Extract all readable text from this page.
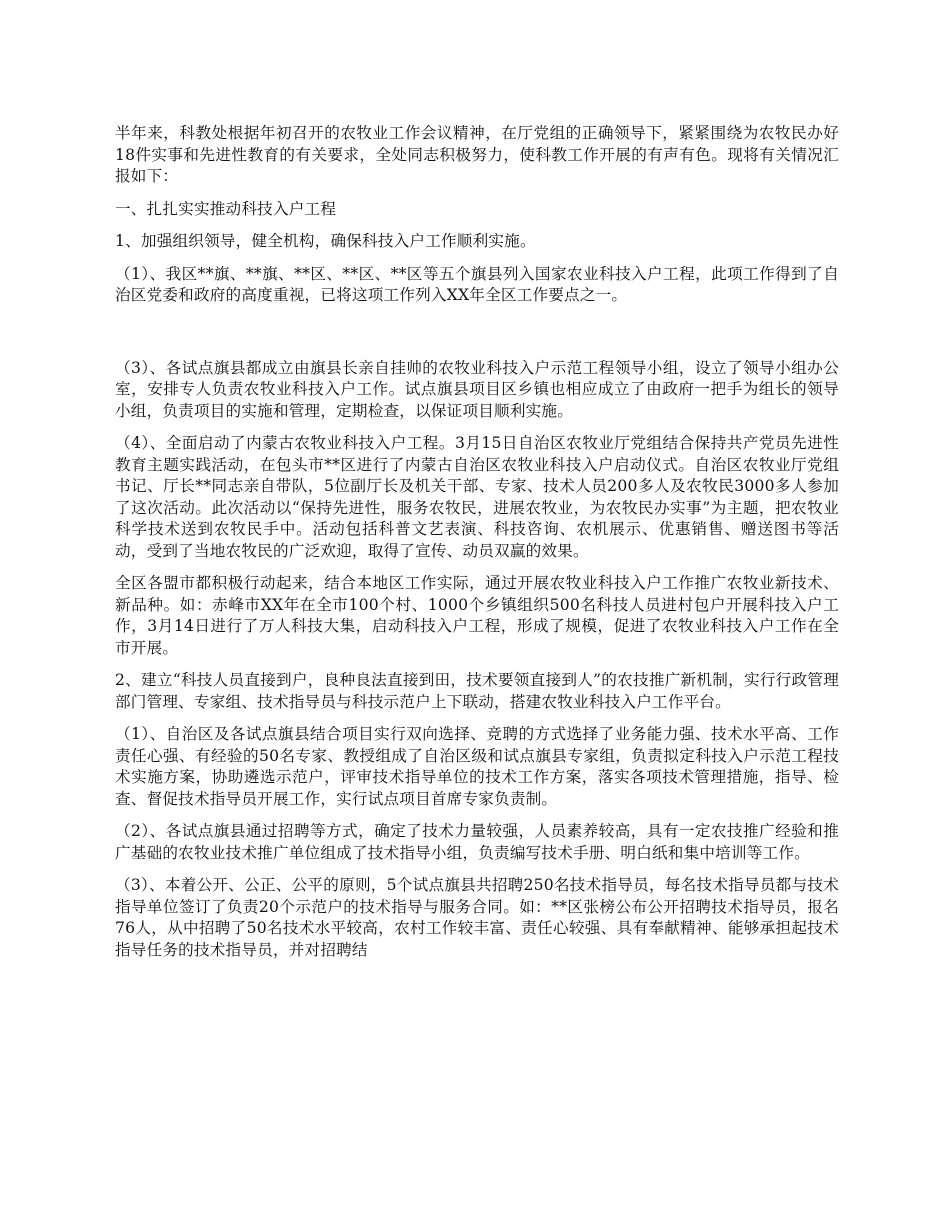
半年来，科教处根据年初召开的农牧业工作会议精神，在厅党组的正确领导下，紧紧围绕为农牧民办好18件实事和先进性教育的有关要求，全处同志积极努力，使科教工作开展的有声有色。现将有关情况汇报如下：

一、扎扎实实推动科技入户工程

1、加强组织领导，健全机构，确保科技入户工作顺利实施。

（1）、我区**旗、**旗、**区、**区、**区等五个旗县列入国家农业科技入户工程，此项工作得到了自治区党委和政府的高度重视，已将这项工作列入XX年全区工作要点之一。

（3）、各试点旗县都成立由旗县长亲自挂帅的农牧业科技入户示范工程领导小组，设立了领导小组办公室，安排专人负责农牧业科技入户工作。试点旗县项目区乡镇也相应成立了由政府一把手为组长的领导小组，负责项目的实施和管理，定期检查，以保证项目顺利实施。

（4）、全面启动了内蒙古农牧业科技入户工程。3月15日自治区农牧业厅党组结合保持共产党员先进性教育主题实践活动，在包头市**区进行了内蒙古自治区农牧业科技入户启动仪式。自治区农牧业厅党组书记、厅长**同志亲自带队，5位副厅长及机关干部、专家、技术人员200多人及农牧民3000多人参加了这次活动。此次活动以“保持先进性，服务农牧民，进展农牧业，为农牧民办实事”为主题，把农牧业科学技术送到农牧民手中。活动包括科普文艺表演、科技咨询、农机展示、优惠销售、赠送图书等活动，受到了当地农牧民的广泛欢迎，取得了宣传、动员双赢的效果。

全区各盟市都积极行动起来，结合本地区工作实际，通过开展农牧业科技入户工作推广农牧业新技术、新品种。如：赤峰市XX年在全市100个村、1000个乡镇组织500名科技人员进村包户开展科技入户工作，3月14日进行了万人科技大集，启动科技入户工程，形成了规模，促进了农牧业科技入户工作在全市开展。

2、建立“科技人员直接到户，良种良法直接到田，技术要领直接到人”的农技推广新机制，实行行政管理部门管理、专家组、技术指导员与科技示范户上下联动，搭建农牧业科技入户工作平台。

（1）、自治区及各试点旗县结合项目实行双向选择、竞聘的方式选择了业务能力强、技术水平高、工作责任心强、有经验的50名专家、教授组成了自治区级和试点旗县专家组，负责拟定科技入户示范工程技术实施方案，协助遴选示范户，评审技术指导单位的技术工作方案，落实各项技术管理措施，指导、检查、督促技术指导员开展工作，实行试点项目首席专家负责制。

（2）、各试点旗县通过招聘等方式，确定了技术力量较强，人员素养较高，具有一定农技推广经验和推广基础的农牧业技术推广单位组成了技术指导小组，负责编写技术手册、明白纸和集中培训等工作。

（3）、本着公开、公正、公平的原则，5个试点旗县共招聘250名技术指导员，每名技术指导员都与技术指导单位签订了负责20个示范户的技术指导与服务合同。如：**区张榜公布公开招聘技术指导员，报名76人，从中招聘了50名技术水平较高，农村工作较丰富、责任心较强、具有奉献精神、能够承担起技术指导任务的技术指导员，并对招聘结
